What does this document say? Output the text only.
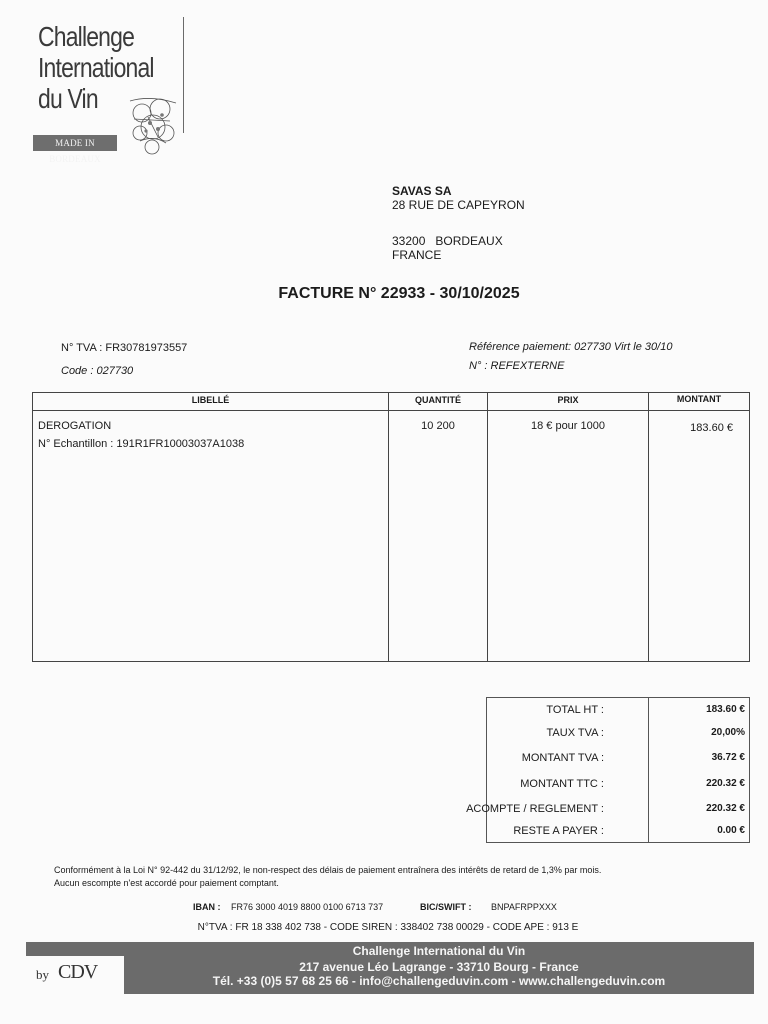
Challenge
International
du Vin
MADE IN BORDEAUX
SAVAS SA
28 RUE DE CAPEYRON
33200   BORDEAUX
FRANCE
FACTURE N° 22933 - 30/10/2025
N° TVA : FR30781973557
Code : 027730
Référence paiement: 027730 Virt le 30/10
N° : REFEXTERNE
LIBELLÉ	QUANTITÉ	PRIX	MONTANT
DEROGATION
N° Echantillon : 191R1FR10003037A1038
10 200	18 € pour 1000	183.60 €
TOTAL HT :	183.60 €
TAUX TVA :	20,00%
MONTANT TVA :	36.72 €
MONTANT TTC :	220.32 €
ACOMPTE / REGLEMENT :	220.32 €
RESTE A PAYER :	0.00 €
Conformément à la Loi N° 92-442 du 31/12/92, le non-respect des délais de paiement entraînera des intérêts de retard de 1,3% par mois.
Aucun escompte n'est accordé pour paiement comptant.
IBAN : FR76 3000 4019 8800 0100 6713 737	BIC/SWIFT : BNPAFRPPXXX
N°TVA : FR 18 338 402 738 - CODE SIREN : 338402 738 00029 - CODE APE : 913 E
by CDV
Challenge International du Vin
217 avenue Léo Lagrange - 33710 Bourg - France
Tél. +33 (0)5 57 68 25 66 - info@challengeduvin.com - www.challengeduvin.com
